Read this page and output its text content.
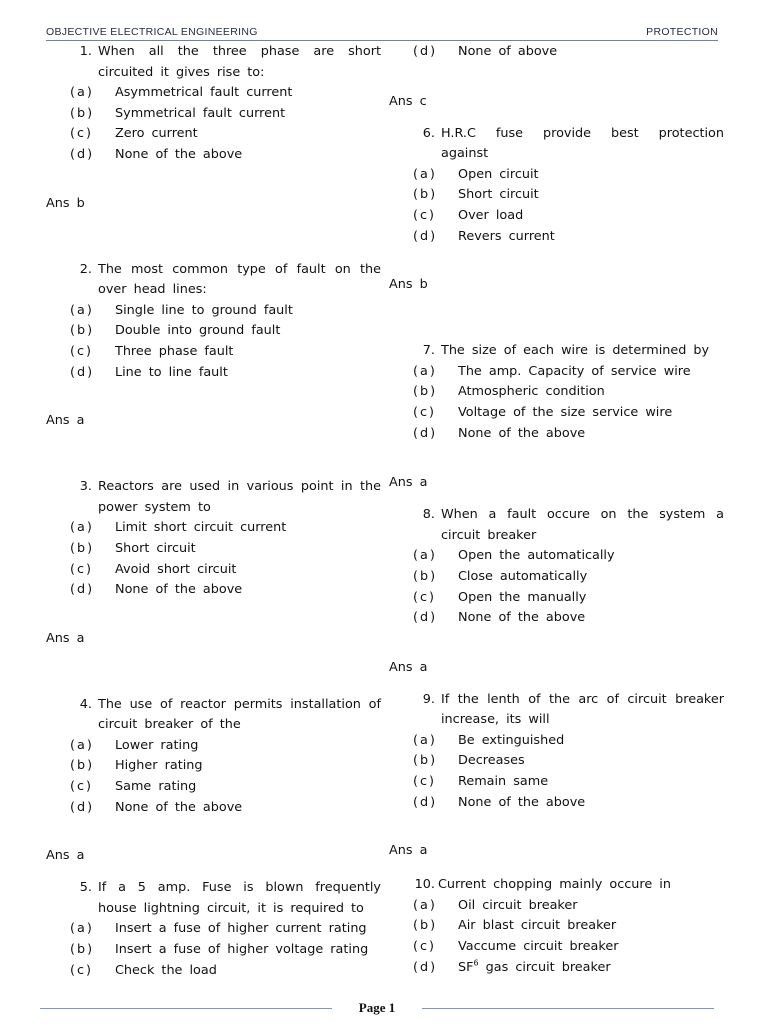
OBJECTIVE ELECTRICAL ENGINEERING	PROTECTION
1. When all the three phase are short circuited it gives rise to:
(a)	Asymmetrical fault current
(b)	Symmetrical fault current
(c)	Zero current
(d)	None of the above
Ans b
2. The most common type of fault on the over head lines:
(a)	Single line to ground fault
(b)	Double into ground fault
(c)	Three phase fault
(d)	Line to line fault
Ans a
3. Reactors are used in various point in the power system to
(a)	Limit short circuit current
(b)	Short circuit
(c)	Avoid short circuit
(d)	None of the above
Ans a
4. The use of reactor permits installation of circuit breaker of the
(a)	Lower rating
(b)	Higher rating
(c)	Same rating
(d)	None of the above
Ans a
5. If a 5 amp. Fuse is blown frequently house lightning circuit, it is required to
(a)	Insert a fuse of higher current rating
(b)	Insert a fuse of higher voltage rating
(c)	Check the load
(d)	None of above
Ans c
6. H.R.C fuse provide best protection against
(a)	Open circuit
(b)	Short circuit
(c)	Over load
(d)	Revers current
Ans b
7. The size of each wire is determined by
(a)	The amp. Capacity of service wire
(b)	Atmospheric condition
(c)	Voltage of the size service wire
(d)	None of the above
Ans a
8. When a fault occure on the system a circuit breaker
(a)	Open the automatically
(b)	Close automatically
(c)	Open the manually
(d)	None of the above
Ans a
9. If the lenth of the arc of circuit breaker increase, its will
(a)	Be extinguished
(b)	Decreases
(c)	Remain same
(d)	None of the above
Ans a
10. Current chopping mainly occure in
(a)	Oil circuit breaker
(b)	Air blast circuit breaker
(c)	Vaccume circuit breaker
(d)	$SF^6$ gas circuit breaker
Page 1
